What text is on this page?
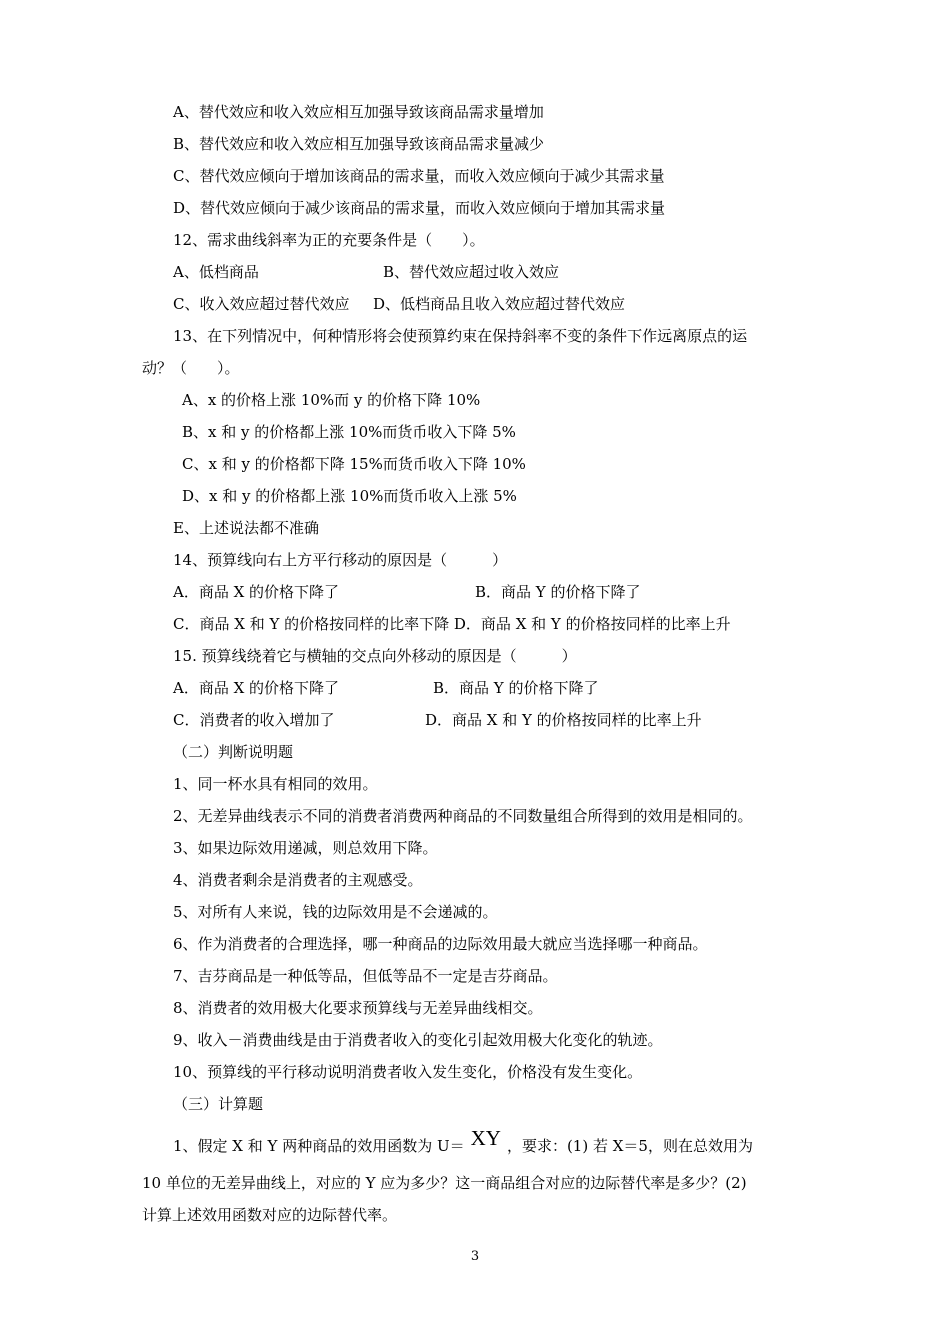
A、替代效应和收入效应相互加强导致该商品需求量增加
B、替代效应和收入效应相互加强导致该商品需求量减少
C、替代效应倾向于增加该商品的需求量，而收入效应倾向于减少其需求量
D、替代效应倾向于减少该商品的需求量，而收入效应倾向于增加其需求量
12、需求曲线斜率为正的充要条件是（　　）。
A、低档商品	B、替代效应超过收入效应
C、收入效应超过替代效应 D、低档商品且收入效应超过替代效应
13、在下列情况中，何种情形将会使预算约束在保持斜率不变的条件下作远离原点的运
动？（　　）。
A、x 的价格上涨 10%而 y 的价格下降 10%
B、x 和 y 的价格都上涨 10%而货币收入下降 5%
C、x 和 y 的价格都下降 15%而货币收入下降 10%
D、x 和 y 的价格都上涨 10%而货币收入上涨 5%
E、上述说法都不准确
14、预算线向右上方平行移动的原因是（　　　）
A．商品 X 的价格下降了	B．商品 Y 的价格下降了
C．商品 X 和 Y 的价格按同样的比率下降 D．商品 X 和 Y 的价格按同样的比率上升
15. 预算线绕着它与横轴的交点向外移动的原因是（　　　）
A．商品 X 的价格下降了	B．商品 Y 的价格下降了
C．消费者的收入增加了	D．商品 X 和 Y 的价格按同样的比率上升
（二）判断说明题
1、同一杯水具有相同的效用。
2、无差异曲线表示不同的消费者消费两种商品的不同数量组合所得到的效用是相同的。
3、如果边际效用递减，则总效用下降。
4、消费者剩余是消费者的主观感受。
5、对所有人来说，钱的边际效用是不会递减的。
6、作为消费者的合理选择，哪一种商品的边际效用最大就应当选择哪一种商品。
7、吉芬商品是一种低等品，但低等品不一定是吉芬商品。
8、消费者的效用极大化要求预算线与无差异曲线相交。
9、收入－消费曲线是由于消费者收入的变化引起效用极大化变化的轨迹。
10、预算线的平行移动说明消费者收入发生变化，价格没有发生变化。
（三）计算题
1、假定 X 和 Y 两种商品的效用函数为 U＝ XY ，要求：(1) 若 X＝5，则在总效用为
10 单位的无差异曲线上，对应的 Y 应为多少？这一商品组合对应的边际替代率是多少？(2)
计算上述效用函数对应的边际替代率。
3
